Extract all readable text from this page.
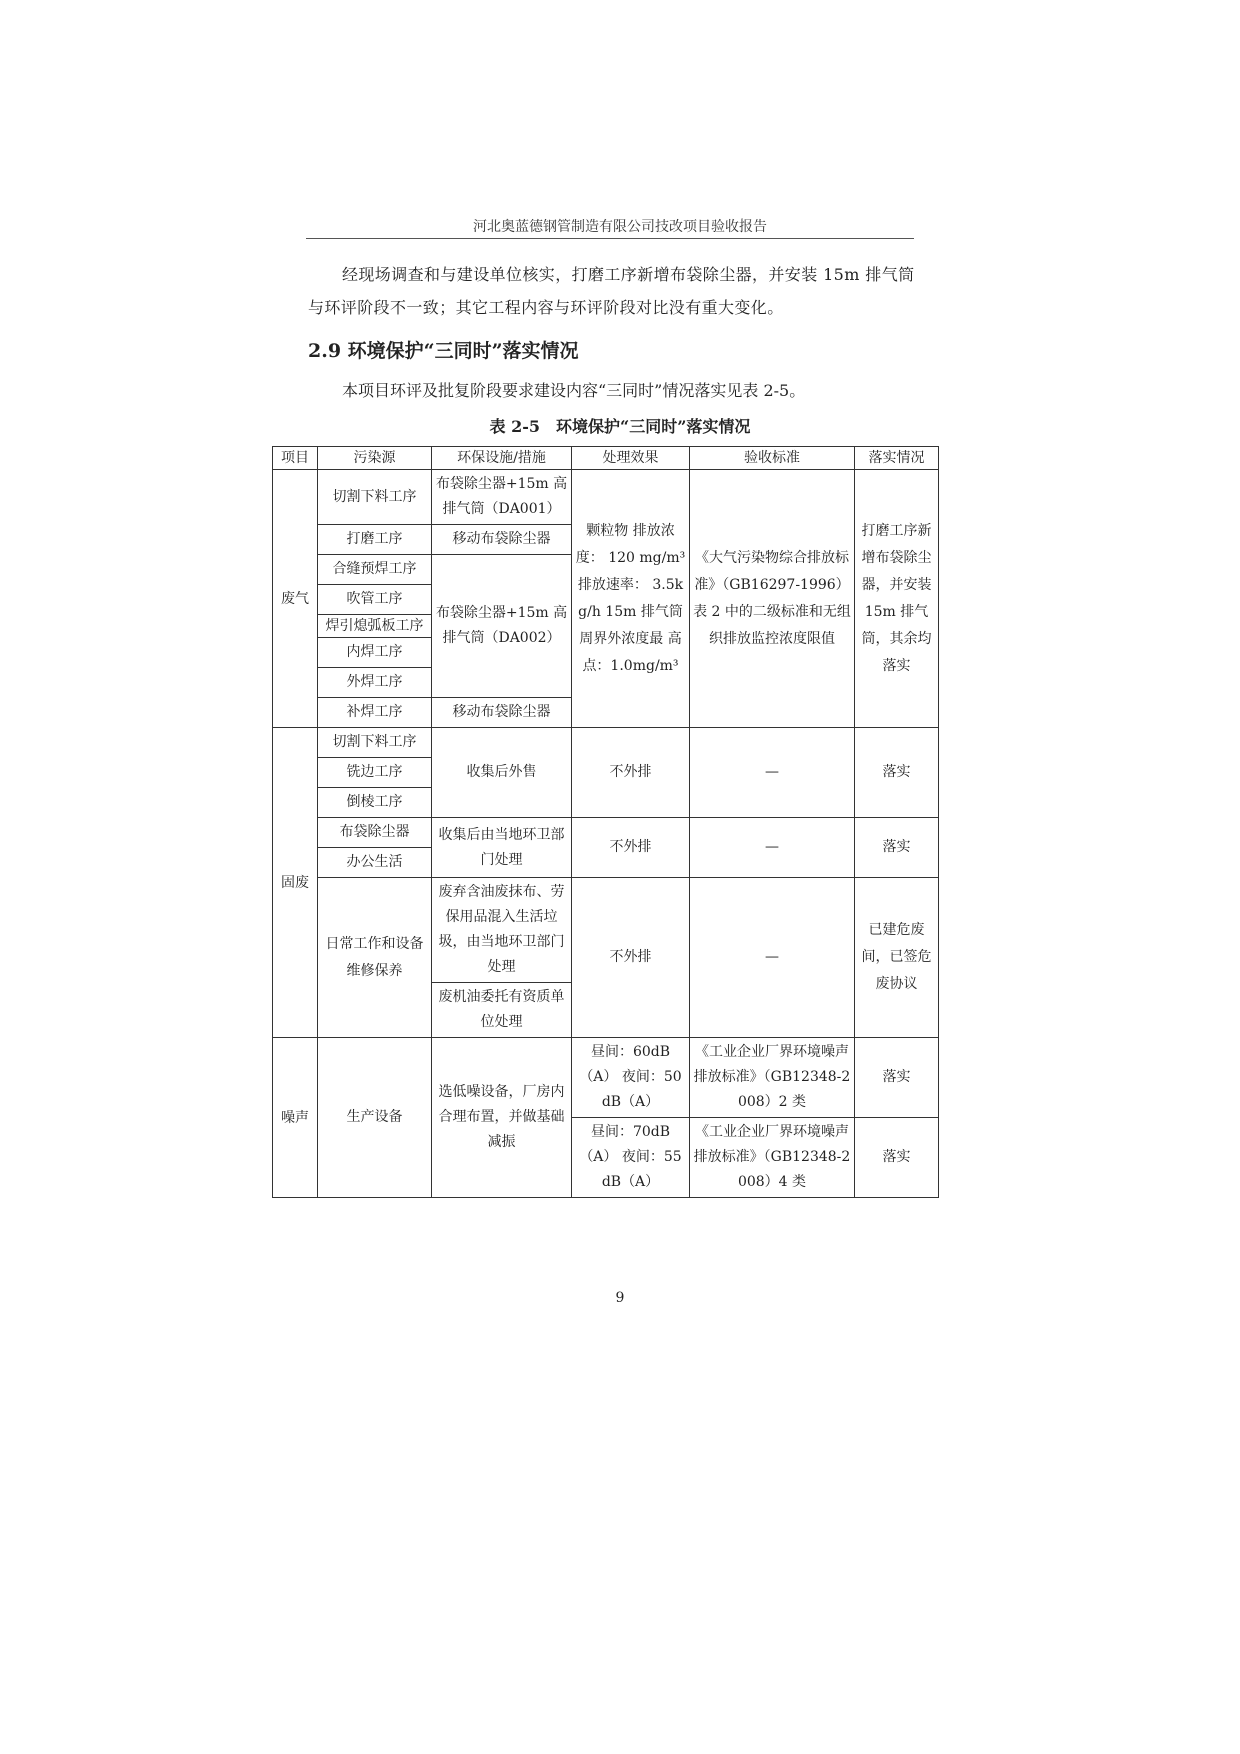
河北奥蓝德钢管制造有限公司技改项目验收报告
经现场调查和与建设单位核实，打磨工序新增布袋除尘器，并安装 15m 排气筒与环评阶段不一致；其它工程内容与环评阶段对比没有重大变化。
2.9 环境保护“三同时”落实情况
本项目环评及批复阶段要求建设内容“三同时”情况落实见表 2-5。
表 2-5　环境保护“三同时”落实情况
项目	污染源	环保设施/措施	处理效果	验收标准	落实情况
废气	切割下料工序	布袋除尘器+15m 高排气筒（DA001）	颗粒物 排放浓度： 120 mg/m³ 排放速率： 3.5kg/h 15m 排气筒 周界外浓度最 高点：1.0mg/m³	《大气污染物综合排放标准》（GB16297-1996）表 2 中的二级标准和无组织排放监控浓度限值	打磨工序新增布袋除尘器，并安装 15m 排气筒，其余均落实
	打磨工序	移动布袋除尘器			
	合缝预焊工序	布袋除尘器+15m 高排气筒（DA002）			
	吹管工序				
	焊引熄弧板工序				
	内焊工序				
	外焊工序				
	补焊工序	移动布袋除尘器			
固废	切割下料工序	收集后外售	不外排	—	落实
	铣边工序				
	倒棱工序				
	布袋除尘器	收集后由当地环卫部门处理	不外排	—	落实
	办公生活				
	日常工作和设备维修保养	废弃含油废抹布、劳保用品混入生活垃圾，由当地环卫部门处理	不外排	—	已建危废间，已签危废协议
		废机油委托有资质单位处理			
噪声	生产设备	选低噪设备，厂房内合理布置，并做基础减振	昼间：60dB（A） 夜间：50dB（A）	《工业企业厂界环境噪声排放标准》（GB12348-2008）2 类	落实
			昼间：70dB（A） 夜间：55dB（A）	《工业企业厂界环境噪声排放标准》（GB12348-2008）4 类	落实
9
